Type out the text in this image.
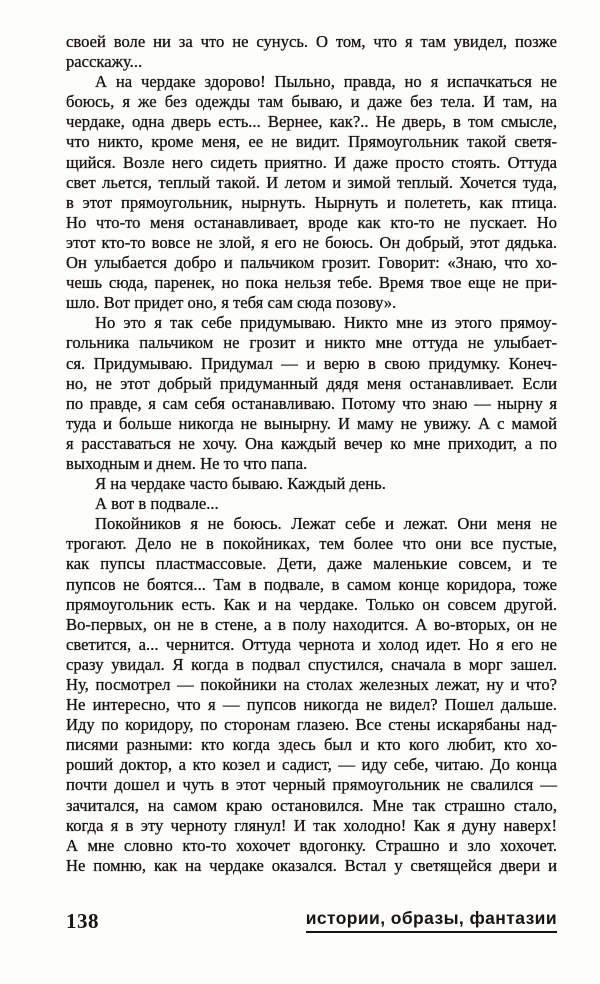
своей воле ни за что не сунусь. О том, что я там увидел, позже
расскажу...
А на чердаке здорово! Пыльно, правда, но я испачкаться не
боюсь, я же без одежды там бываю, и даже без тела. И там, на
чердаке, одна дверь есть... Вернее, как?.. Не дверь, в том смысле,
что никто, кроме меня, ее не видит. Прямоугольник такой светя-
щийся. Возле него сидеть приятно. И даже просто стоять. Оттуда
свет льется, теплый такой. И летом и зимой теплый. Хочется туда,
в этот прямоугольник, нырнуть. Нырнуть и полететь, как птица.
Но что-то меня останавливает, вроде как кто-то не пускает. Но
этот кто-то вовсе не злой, я его не боюсь. Он добрый, этот дядька.
Он улыбается добро и пальчиком грозит. Говорит: «Знаю, что хо-
чешь сюда, паренек, но пока нельзя тебе. Время твое еще не при-
шло. Вот придет оно, я тебя сам сюда позову».
Но это я так себе придумываю. Никто мне из этого прямоу-
гольника пальчиком не грозит и никто мне оттуда не улыбает-
ся. Придумываю. Придумал — и верю в свою придумку. Конеч-
но, не этот добрый придуманный дядя меня останавливает. Если
по правде, я сам себя останавливаю. Потому что знаю — нырну я
туда и больше никогда не вынырну. И маму не увижу. А с мамой
я расставаться не хочу. Она каждый вечер ко мне приходит, а по
выходным и днем. Не то что папа.
Я на чердаке часто бываю. Каждый день.
А вот в подвале...
Покойников я не боюсь. Лежат себе и лежат. Они меня не
трогают. Дело не в покойниках, тем более что они все пустые,
как пупсы пластмассовые. Дети, даже маленькие совсем, и те
пупсов не боятся... Там в подвале, в самом конце коридора, тоже
прямоугольник есть. Как и на чердаке. Только он совсем другой.
Во-первых, он не в стене, а в полу находится. А во-вторых, он не
светится, а... чернится. Оттуда чернота и холод идет. Но я его не
сразу увидал. Я когда в подвал спустился, сначала в морг зашел.
Ну, посмотрел — покойники на столах железных лежат, ну и что?
Не интересно, что я — пупсов никогда не видел? Пошел дальше.
Иду по коридору, по сторонам глазею. Все стены искарябаны над-
писями разными: кто когда здесь был и кто кого любит, кто хо-
роший доктор, а кто козел и садист, — иду себе, читаю. До конца
почти дошел и чуть в этот черный прямоугольник не свалился —
зачитался, на самом краю остановился. Мне так страшно стало,
когда я в эту черноту глянул! И так холодно! Как я дуну наверх!
А мне словно кто-то хохочет вдогонку. Страшно и зло хохочет.
Не помню, как на чердаке оказался. Встал у светящейся двери и
138	истории, образы, фантазии
